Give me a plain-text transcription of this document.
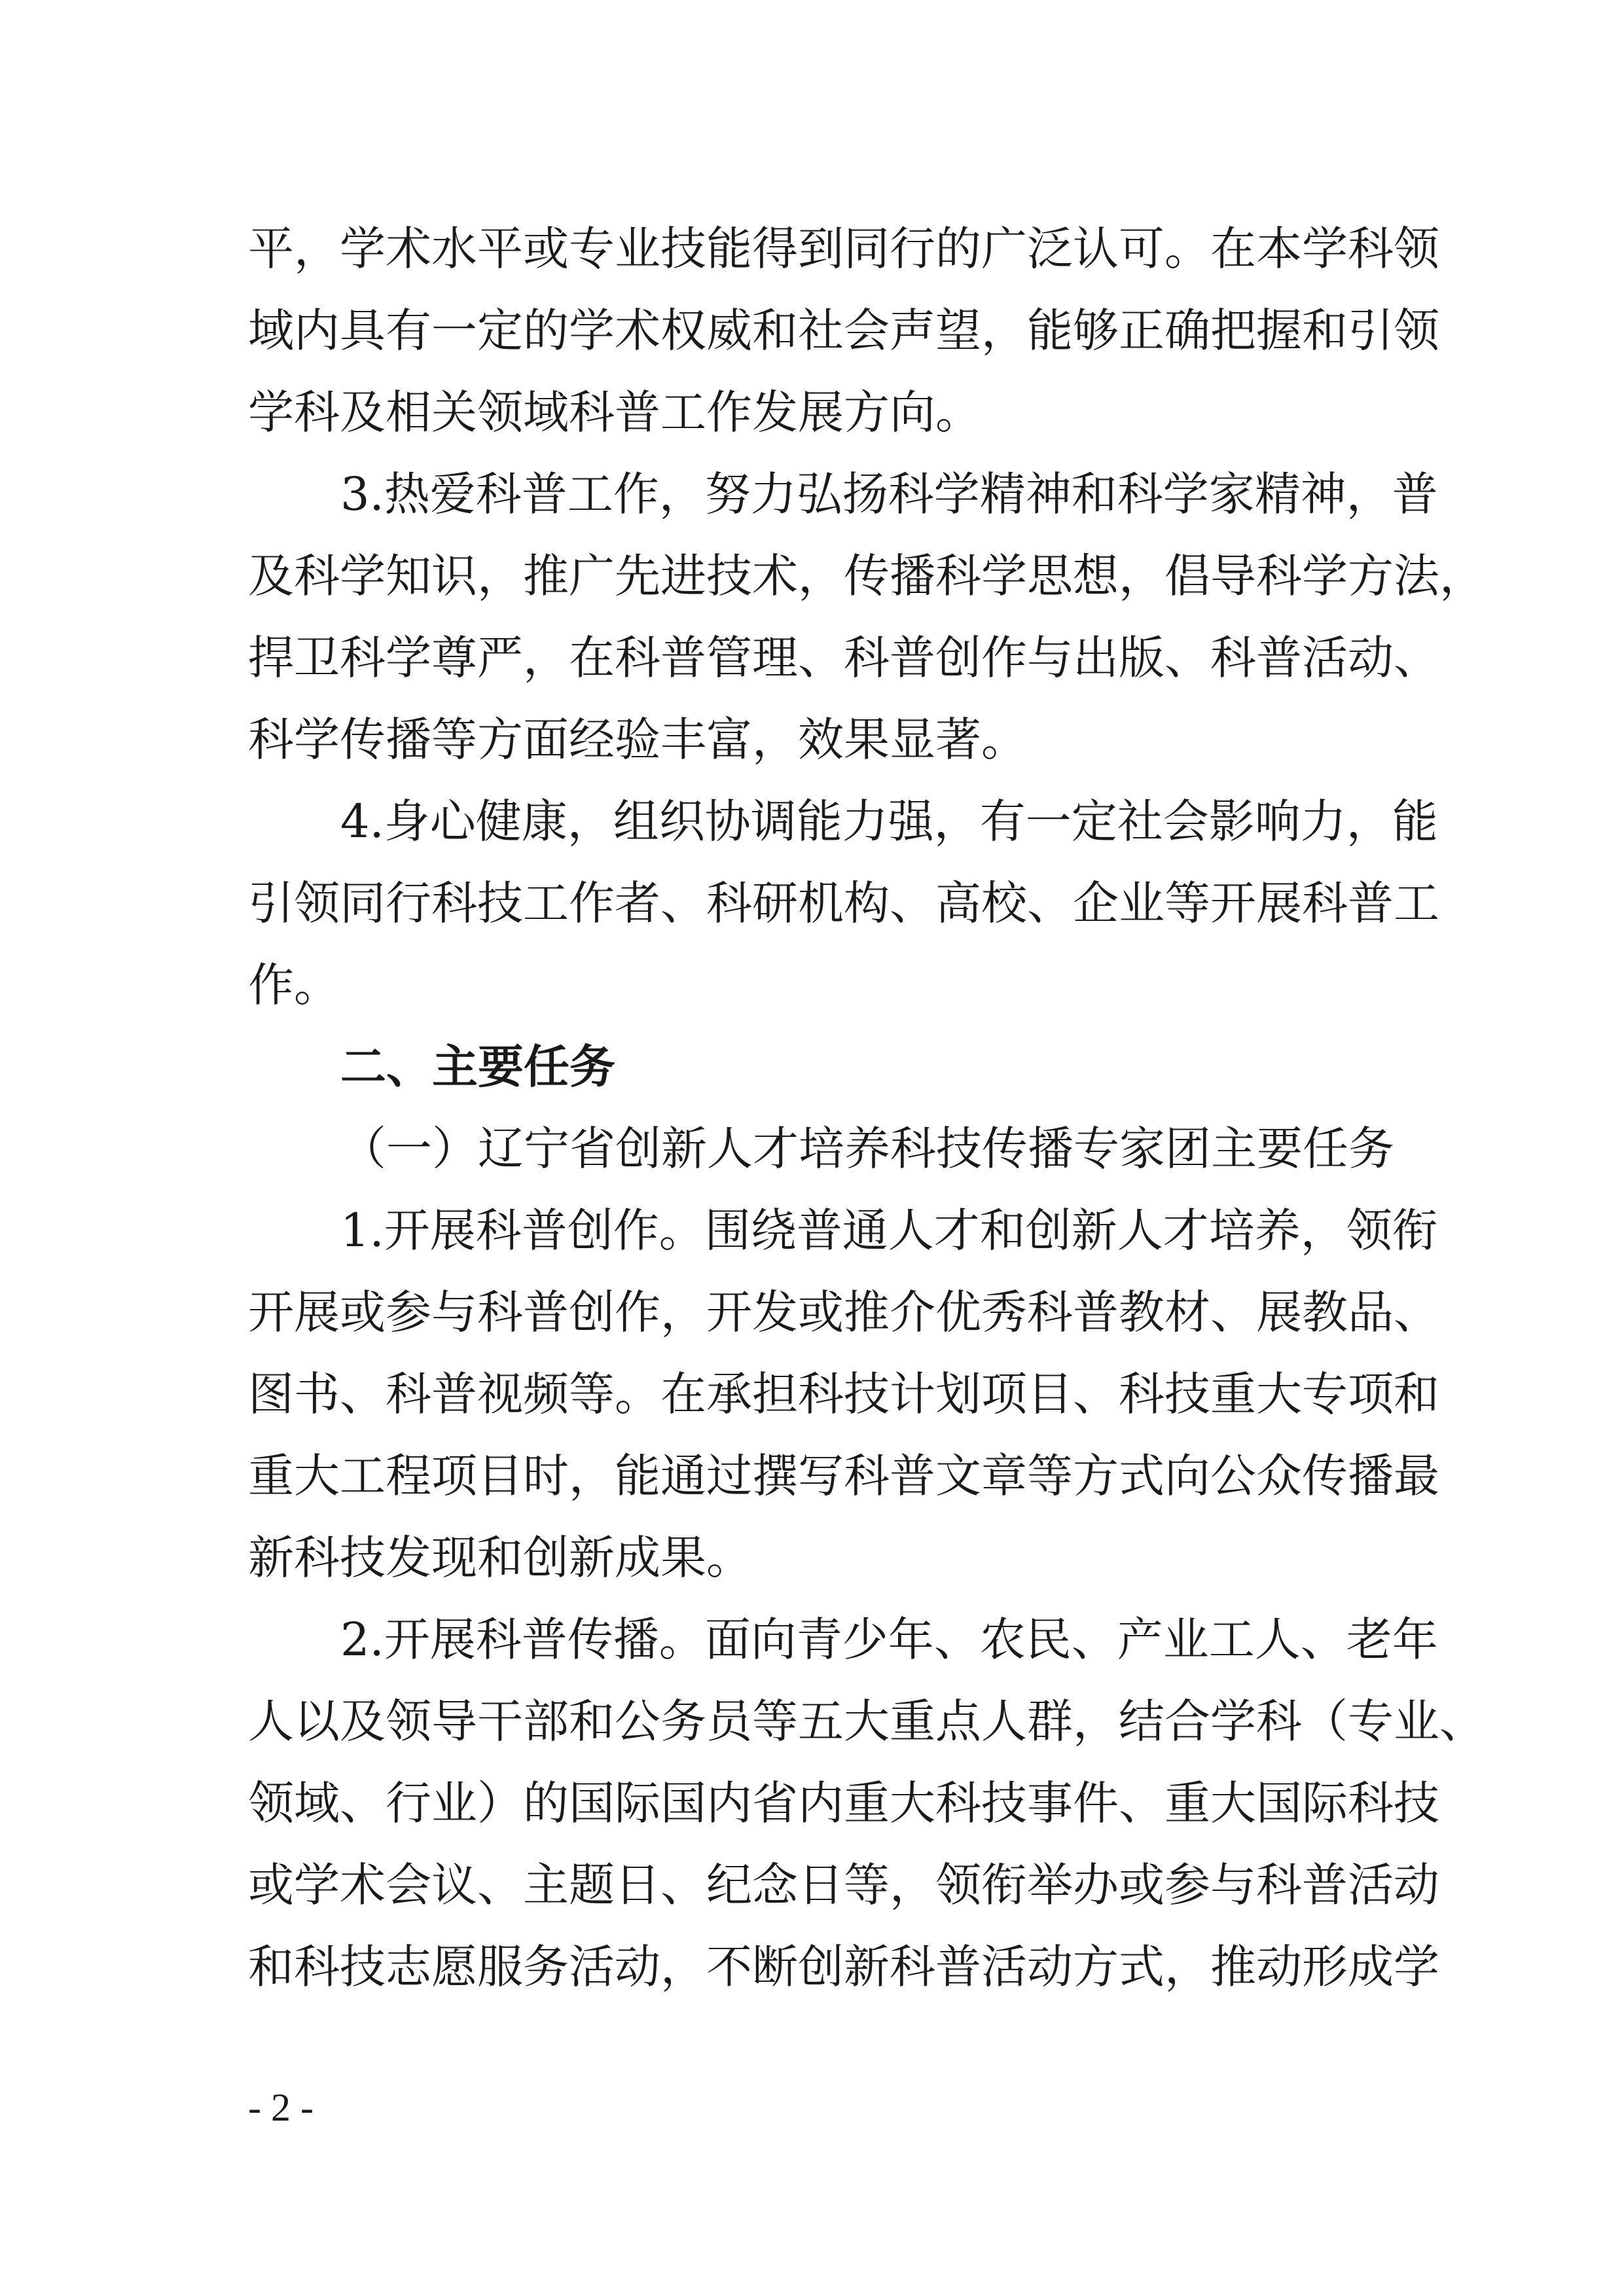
平，学术水平或专业技能得到同行的广泛认可。在本学科领
域内具有一定的学术权威和社会声望，能够正确把握和引领
学科及相关领域科普工作发展方向。
3.热爱科普工作，努力弘扬科学精神和科学家精神，普
及科学知识，推广先进技术，传播科学思想，倡导科学方法，
捍卫科学尊严，在科普管理、科普创作与出版、科普活动、
科学传播等方面经验丰富，效果显著。
4.身心健康，组织协调能力强，有一定社会影响力，能
引领同行科技工作者、科研机构、高校、企业等开展科普工
作。
二、主要任务
（一）辽宁省创新人才培养科技传播专家团主要任务
1.开展科普创作。围绕普通人才和创新人才培养，领衔
开展或参与科普创作，开发或推介优秀科普教材、展教品、
图书、科普视频等。在承担科技计划项目、科技重大专项和
重大工程项目时，能通过撰写科普文章等方式向公众传播最
新科技发现和创新成果。
2.开展科普传播。面向青少年、农民、产业工人、老年
人以及领导干部和公务员等五大重点人群，结合学科（专业、
领域、行业）的国际国内省内重大科技事件、重大国际科技
或学术会议、主题日、纪念日等，领衔举办或参与科普活动
和科技志愿服务活动，不断创新科普活动方式，推动形成学
- 2 -
